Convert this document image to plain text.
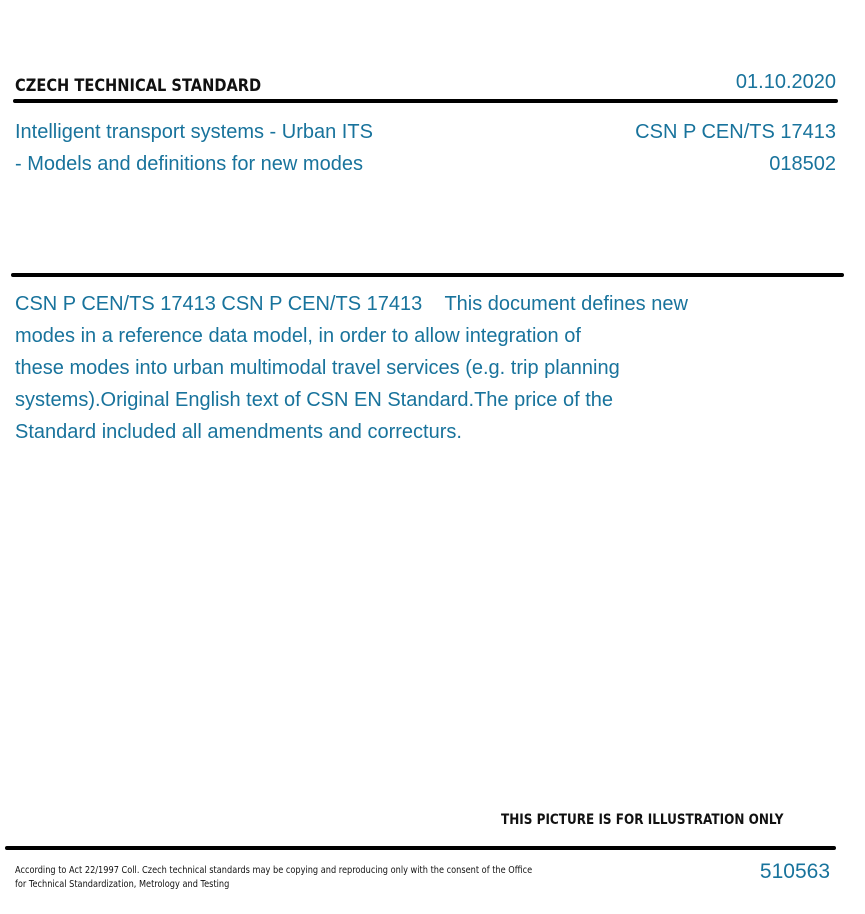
CZECH TECHNICAL STANDARD	01.10.2020
Intelligent transport systems - Urban ITS
- Models and definitions for new modes
CSN P CEN/TS 17413
018502
CSN P CEN/TS 17413 CSN P CEN/TS 17413    This document defines new
modes in a reference data model, in order to allow integration of
these modes into urban multimodal travel services (e.g. trip planning
systems).Original English text of CSN EN Standard.The price of the
Standard included all amendments and correcturs.
THIS PICTURE IS FOR ILLUSTRATION ONLY
According to Act 22/1997 Coll. Czech technical standards may be copying and reproducing only with the consent of the Office
for Technical Standardization, Metrology and Testing
510563
